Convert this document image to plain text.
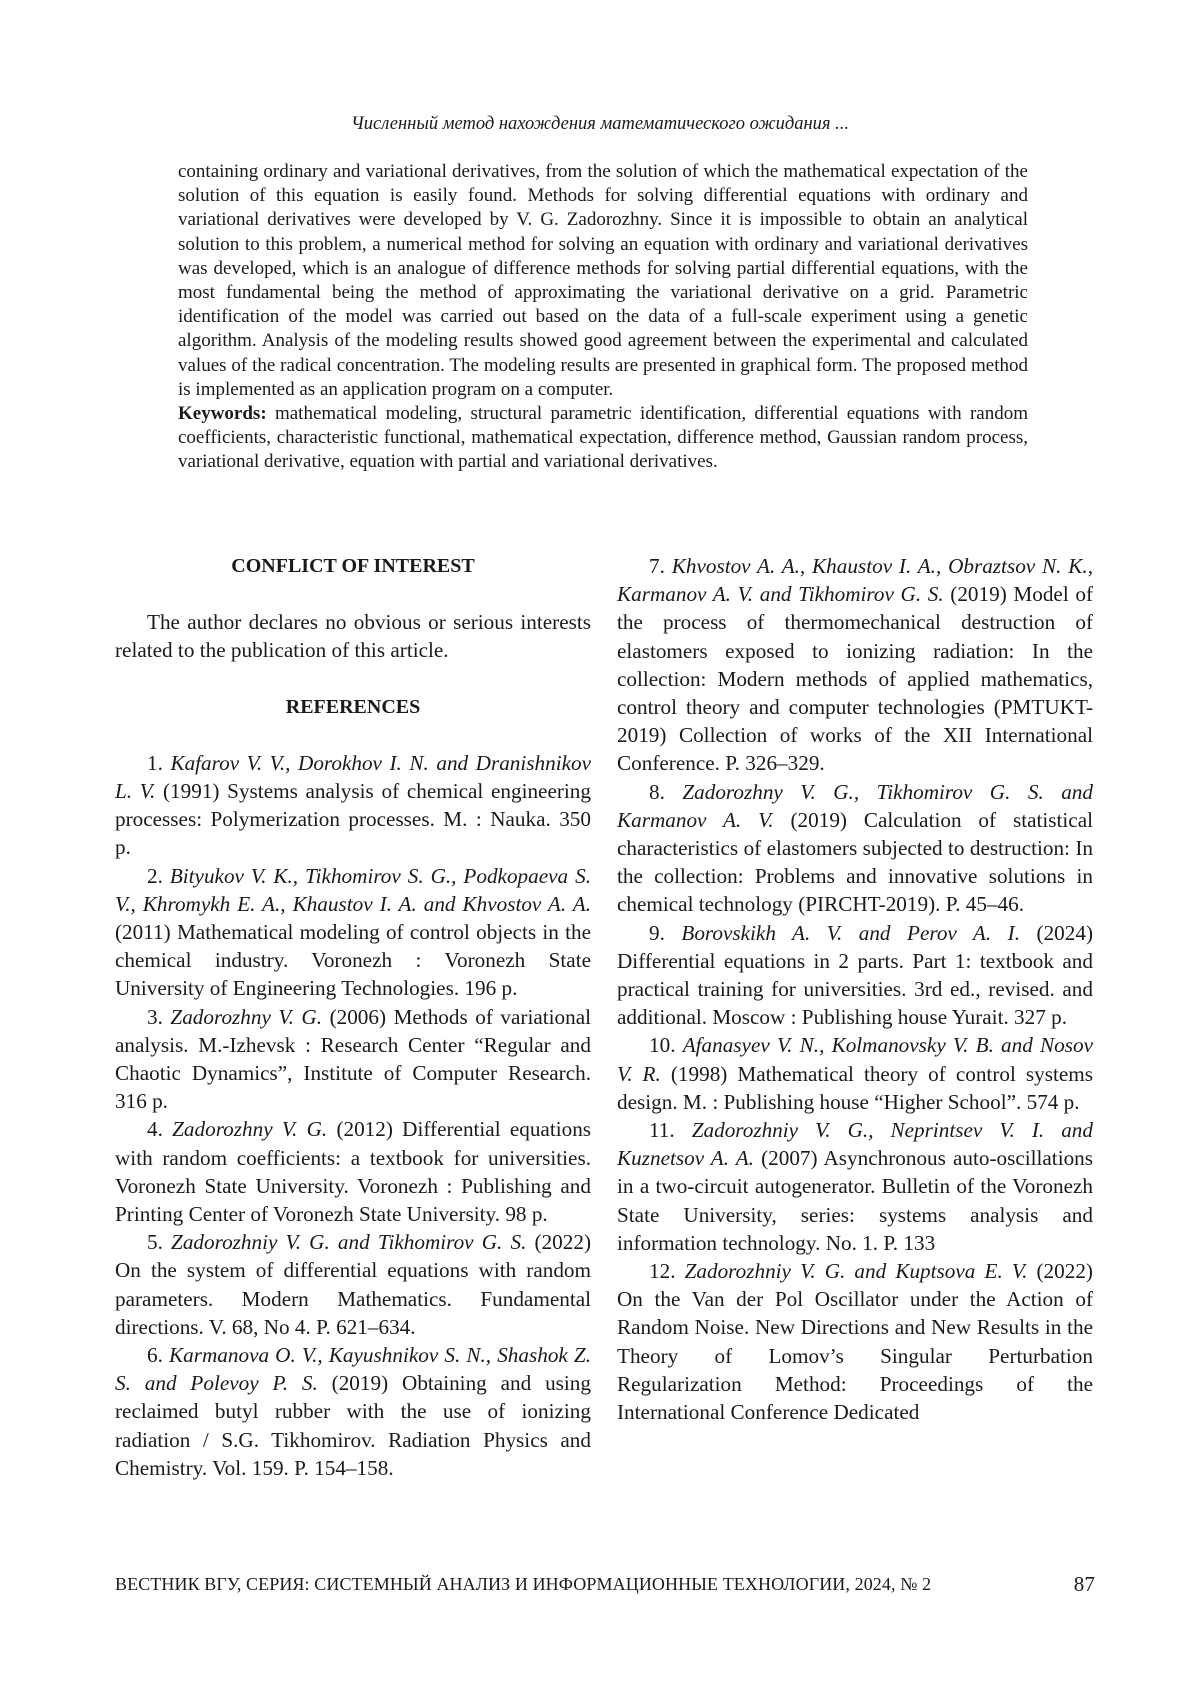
Численный метод нахождения математического ожидания ...

containing ordinary and variational derivatives, from the solution of which the mathematical expectation of the solution of this equation is easily found. Methods for solving differential equations with ordinary and variational derivatives were developed by V. G. Zadorozhny. Since it is impossible to obtain an analytical solution to this problem, a numerical method for solving an equation with ordinary and variational derivatives was developed, which is an analogue of difference methods for solving partial differential equations, with the most fundamental being the method of approximating the variational derivative on a grid. Parametric identification of the model was carried out based on the data of a full-scale experiment using a genetic algorithm. Analysis of the modeling results showed good agreement between the experimental and calculated values of the radical concentration. The modeling results are presented in graphical form. The proposed method is implemented as an application program on a computer.

Keywords: mathematical modeling, structural parametric identification, differential equations with random coefficients, characteristic functional, mathematical expectation, difference method, Gaussian random process, variational derivative, equation with partial and variational derivatives.

CONFLICT OF INTEREST

The author declares no obvious or serious interests related to the publication of this article.

REFERENCES

1. Kafarov V. V., Dorokhov I. N. and Dranishnikov L. V. (1991) Systems analysis of chemical engineering processes: Polymerization processes. M. : Nauka. 350 p.

2. Bityukov V. K., Tikhomirov S. G., Podkopaeva S. V., Khromykh E. A., Khaustov I. A. and Khvostov A. A. (2011) Mathematical modeling of control objects in the chemical industry. Voronezh : Voronezh State University of Engineering Technologies. 196 p.

3. Zadorozhny V. G. (2006) Methods of variational analysis. M.-Izhevsk : Research Center “Regular and Chaotic Dynamics”, Institute of Computer Research. 316 p.

4. Zadorozhny V. G. (2012) Differential equations with random coefficients: a textbook for universities. Voronezh State University. Voronezh : Publishing and Printing Center of Voronezh State University. 98 p.

5. Zadorozhniy V. G. and Tikhomirov G. S. (2022) On the system of differential equations with random parameters. Modern Mathematics. Fundamental directions. V. 68, No 4. P. 621–634.

6. Karmanova O. V., Kayushnikov S. N., Shashok Z. S. and Polevoy P. S. (2019) Obtaining and using reclaimed butyl rubber with the use of ionizing radiation / S.G. Tikhomirov. Radiation Physics and Chemistry. Vol. 159. P. 154–158.

7. Khvostov A. A., Khaustov I. A., Obraztsov N. K., Karmanov A. V. and Tikhomirov G. S. (2019) Model of the process of thermomechanical destruction of elastomers exposed to ionizing radiation: In the collection: Modern methods of applied mathematics, control theory and computer technologies (PMTUKT-2019) Collection of works of the XII International Conference. P. 326–329.

8. Zadorozhny V. G., Tikhomirov G. S. and Karmanov A. V. (2019) Calculation of statistical characteristics of elastomers subjected to destruction: In the collection: Problems and innovative solutions in chemical technology (PIRCHT-2019). P. 45–46.

9. Borovskikh A. V. and Perov A. I. (2024) Differential equations in 2 parts. Part 1: textbook and practical training for universities. 3rd ed., revised. and additional. Moscow : Publishing house Yurait. 327 p.

10. Afanasyev V. N., Kolmanovsky V. B. and Nosov V. R. (1998) Mathematical theory of control systems design. M. : Publishing house “Higher School”. 574 p.

11. Zadorozhniy V. G., Neprintsev V. I. and Kuznetsov A. A. (2007) Asynchronous auto-oscillations in a two-circuit autogenerator. Bulletin of the Voronezh State University, series: systems analysis and information technology. No. 1. P. 133

12. Zadorozhniy V. G. and Kuptsova E. V. (2022) On the Van der Pol Oscillator under the Action of Random Noise. New Directions and New Results in the Theory of Lomov’s Singular Perturbation Regularization Method: Proceedings of the International Conference Dedicated

ВЕСТНИК ВГУ, СЕРИЯ: СИСТЕМНЫЙ АНАЛИЗ И ИНФОРМАЦИОННЫЕ ТЕХНОЛОГИИ, 2024, № 2	87
